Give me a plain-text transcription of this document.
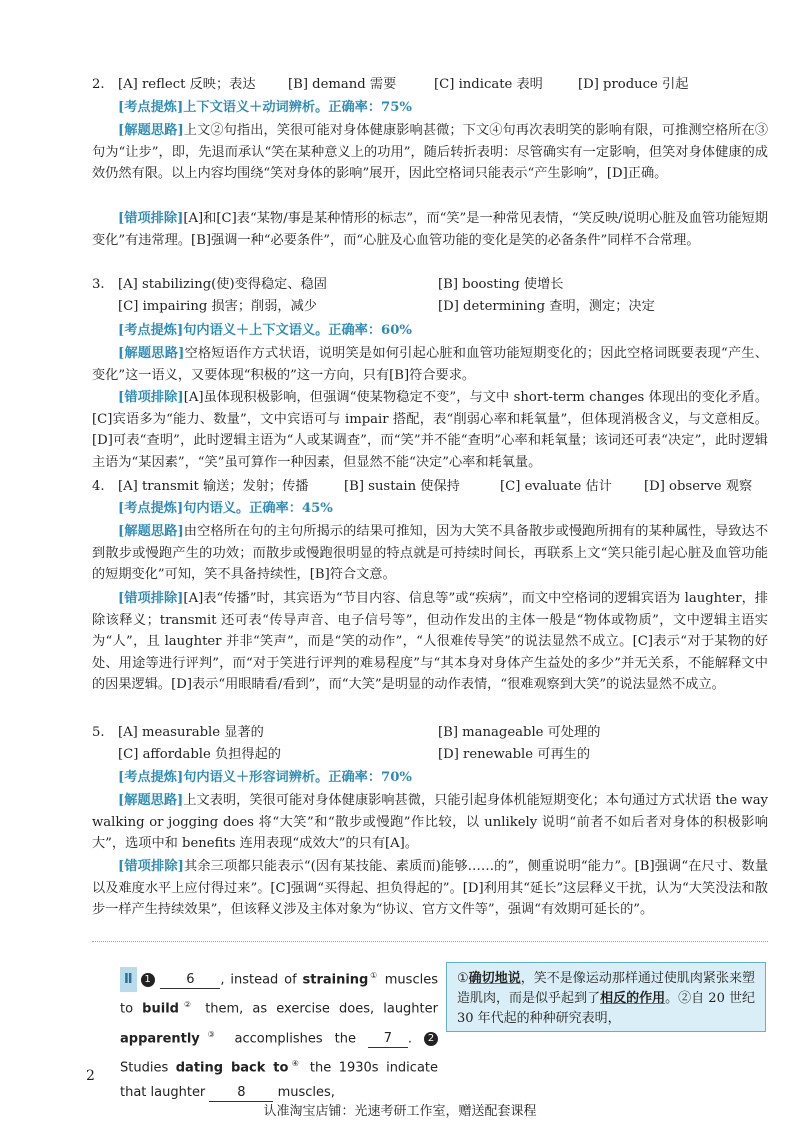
2. [A] reflect 反映；表达 [B] demand 需要	[C] indicate 表明	[D] produce 引起

[考点提炼]上下文语义＋动词辨析。正确率：75%

[解题思路]上文②句指出，笑很可能对身体健康影响甚微；下文④句再次表明笑的影响有限，可推测空格所在③句为“让步”，即，先退而承认“笑在某种意义上的功用”，随后转折表明：尽管确实有一定影响，但笑对身体健康的成效仍然有限。以上内容均围绕“笑对身体的影响”展开，因此空格词只能表示“产生影响”，[D]正确。

[错项排除][A]和[C]表“某物/事是某种情形的标志”，而“笑”是一种常见表情，“笑反映/说明心脏及血管功能短期变化”有违常理。[B]强调一种“必要条件”，而“心脏及心血管功能的变化是笑的必备条件”同样不合常理。

3. [A] stabilizing(使)变得稳定、稳固	[B] boosting 使增长
[C] impairing 损害；削弱，减少	[D] determining 查明，测定；决定

[考点提炼]句内语义＋上下文语义。正确率：60%

[解题思路]空格短语作方式状语，说明笑是如何引起心脏和血管功能短期变化的；因此空格词既要表现“产生、变化”这一语义，又要体现“积极的”这一方向，只有[B]符合要求。

[错项排除][A]虽体现积极影响，但强调“使某物稳定不变”，与文中 short-term changes 体现出的变化矛盾。[C]宾语多为“能力、数量”，文中宾语可与 impair 搭配，表“削弱心率和耗氧量”，但体现消极含义，与文意相反。[D]可表“查明”，此时逻辑主语为“人或某调查”，而“笑”并不能“查明”心率和耗氧量；该词还可表“决定”，此时逻辑主语为“某因素”，“笑”虽可算作一种因素，但显然不能“决定”心率和耗氧量。

4. [A] transmit 输送；发射；传播	[B] sustain 使保持	[C] evaluate 估计 [D] observe 观察

[考点提炼]句内语义。正确率：45%

[解题思路]由空格所在句的主句所揭示的结果可推知，因为大笑不具备散步或慢跑所拥有的某种属性，导致达不到散步或慢跑产生的功效；而散步或慢跑很明显的特点就是可持续时间长，再联系上文“笑只能引起心脏及血管功能的短期变化”可知，笑不具备持续性，[B]符合文意。

[错项排除][A]表“传播”时，其宾语为“节目内容、信息等”或“疾病”，而文中空格词的逻辑宾语为 laughter，排除该释义；transmit 还可表“传导声音、电子信号等”，但动作发出的主体一般是“物体或物质”，文中逻辑主语实为“人”，且 laughter 并非“笑声”，而是“笑的动作”，“人很难传导笑”的说法显然不成立。[C]表示“对于某物的好处、用途等进行评判”，而“对于笑进行评判的难易程度”与“其本身对身体产生益处的多少”并无关系，不能解释文中的因果逻辑。[D]表示“用眼睛看/看到”，而“大笑”是明显的动作表情，“很难观察到大笑”的说法显然不成立。

5. [A] measurable 显著的	[B] manageable 可处理的
[C] affordable 负担得起的	[D] renewable 可再生的

[考点提炼]句内语义＋形容词辨析。正确率：70%

[解题思路]上文表明，笑很可能对身体健康影响甚微，只能引起身体机能短期变化；本句通过方式状语 the way walking or jogging does 将“大笑”和“散步或慢跑”作比较，以 unlikely 说明“前者不如后者对身体的积极影响大”，选项中和 benefits 连用表现“成效大”的只有[A]。

[错项排除]其余三项都只能表示“(因有某技能、素质而)能够……的”，侧重说明“能力”。[B]强调“在尺寸、数量以及难度水平上应付得过来”。[C]强调“买得起、担负得起的”。[D]利用其“延长”这层释义干扰，认为“大笑没法和散步一样产生持续效果”，但该释义涉及主体对象为“协议、官方文件等”，强调“有效期可延长的”。

Ⅱ 1	6 , instead of straining① muscles to build② them, as exercise does, laughter apparently③ accomplishes the 7 . 2Studies dating back to④ the 1930s indicate that laughter 8 muscles,
①确切地说，笑不是像运动那样通过使肌肉紧张来塑造肌肉，而是似乎起到了相反的作用。②自 20 世纪 30 年代起的种种研究表明，
2
认准淘宝店铺：光速考研工作室，赠送配套课程
